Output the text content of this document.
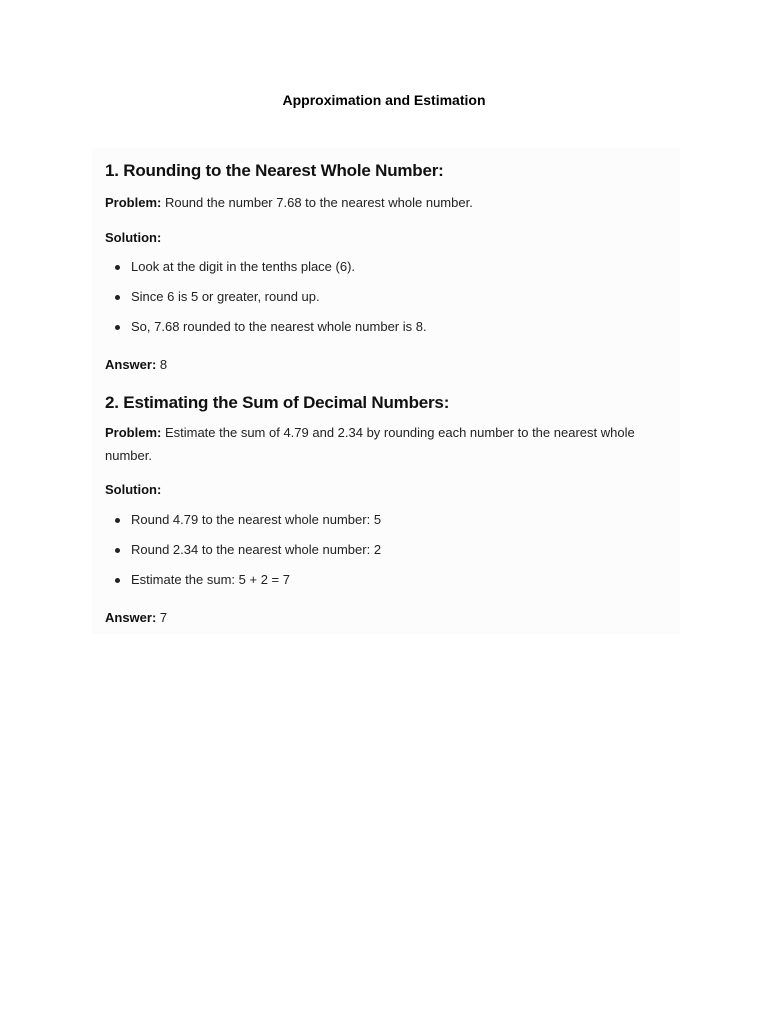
Approximation and Estimation
1. Rounding to the Nearest Whole Number:
Problem: Round the number 7.68 to the nearest whole number.
Solution:
Look at the digit in the tenths place (6).
Since 6 is 5 or greater, round up.
So, 7.68 rounded to the nearest whole number is 8.
Answer: 8
2. Estimating the Sum of Decimal Numbers:
Problem: Estimate the sum of 4.79 and 2.34 by rounding each number to the nearest whole number.
Solution:
Round 4.79 to the nearest whole number: 5
Round 2.34 to the nearest whole number: 2
Estimate the sum: 5 + 2 = 7
Answer: 7
